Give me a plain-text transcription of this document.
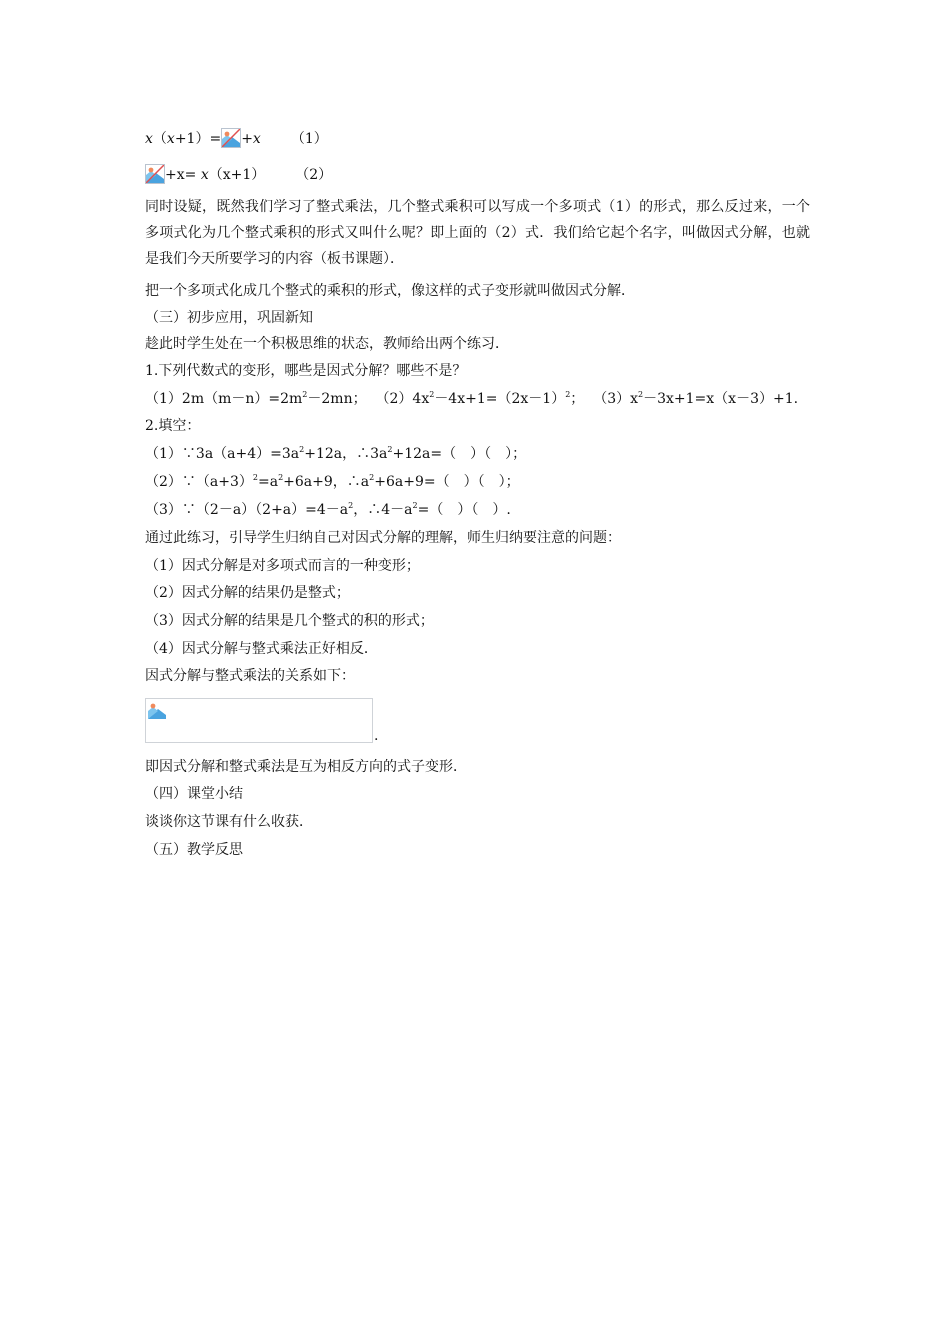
x（x+1）= +x （1）
+x= x（x+1） （2）
同时设疑，既然我们学习了整式乘法，几个整式乘积可以写成一个多项式（1）的形式，那么反过来，一个多项式化为几个整式乘积的形式又叫什么呢？即上面的（2）式．我们给它起个名字，叫做因式分解，也就是我们今天所要学习的内容（板书课题）．
把一个多项式化成几个整式的乘积的形式，像这样的式子变形就叫做因式分解．
（三）初步应用，巩固新知
趁此时学生处在一个积极思维的状态，教师给出两个练习．
1.下列代数式的变形，哪些是因式分解？哪些不是？
$(1)2m(m-n)=2m^2-2mn$； $(2)4x^2-4x+1=(2x-1)^2$； $(3)x^2-3x+1=x(x-3)+1$.
2.填空：
$(1)\because 3a(a+4)=3a^2+12a$，$\therefore 3a^2+12a=$（　）（　）；
$(2)\because(a+3)^2=a^2+6a+9$，$\therefore a^2+6a+9=$（　）（　）；
$(3)\because(2-a)(2+a)=4-a^2$，$\therefore 4-a^2=$（　）（　）.
通过此练习，引导学生归纳自己对因式分解的理解，师生归纳要注意的问题：
（1）因式分解是对多项式而言的一种变形；
（2）因式分解的结果仍是整式；
（3）因式分解的结果是几个整式的积的形式；
（4）因式分解与整式乘法正好相反．
因式分解与整式乘法的关系如下：
.
即因式分解和整式乘法是互为相反方向的式子变形．
（四）课堂小结
谈谈你这节课有什么收获．
（五）教学反思
